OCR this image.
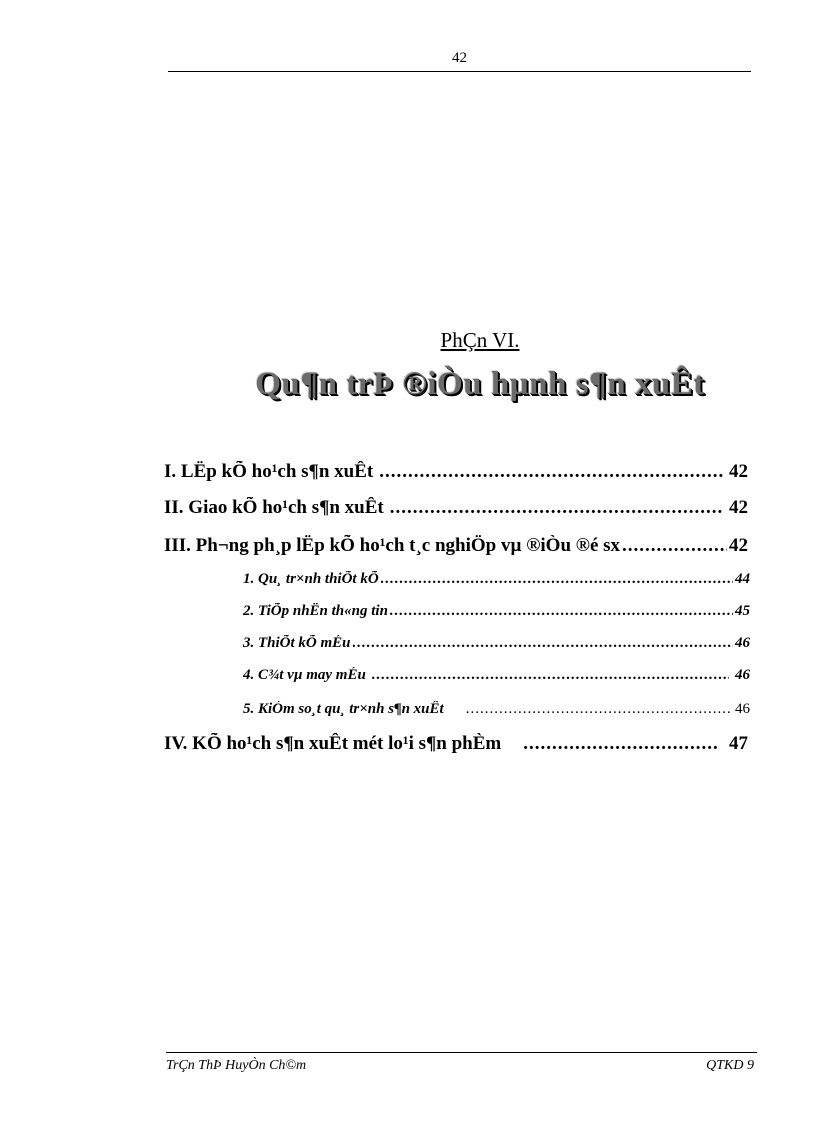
42
PhÇn VI.
Qu¶n trÞ ®iÒu hµnh s¶n xuÊt
I. LËp kÕ ho¹ch s¶n xuÊt .....	42
II. Giao kÕ ho¹ch s¶n xuÊt .....	42
III. Ph¬ng ph¸p lËp kÕ ho¹ch t¸c nghiÖp vµ ®iÒu ®é sx .....	42
1. Qu¸ tr×nh thiÕt kÕ .....	44
2. TiÕp nhËn th«ng tin .....	45
3. ThiÕt kÕ mÉu .....	46
4. C¾t vµ may mÉu .....	46
5. KiÓm so¸t qu¸ tr×nh s¶n xuÊt .....	46
IV. KÕ ho¹ch s¶n xuÊt mét lo¹i s¶n phÈm .....	47
TrÇn ThÞ HuyÒn Ch©m	QTKD 9
